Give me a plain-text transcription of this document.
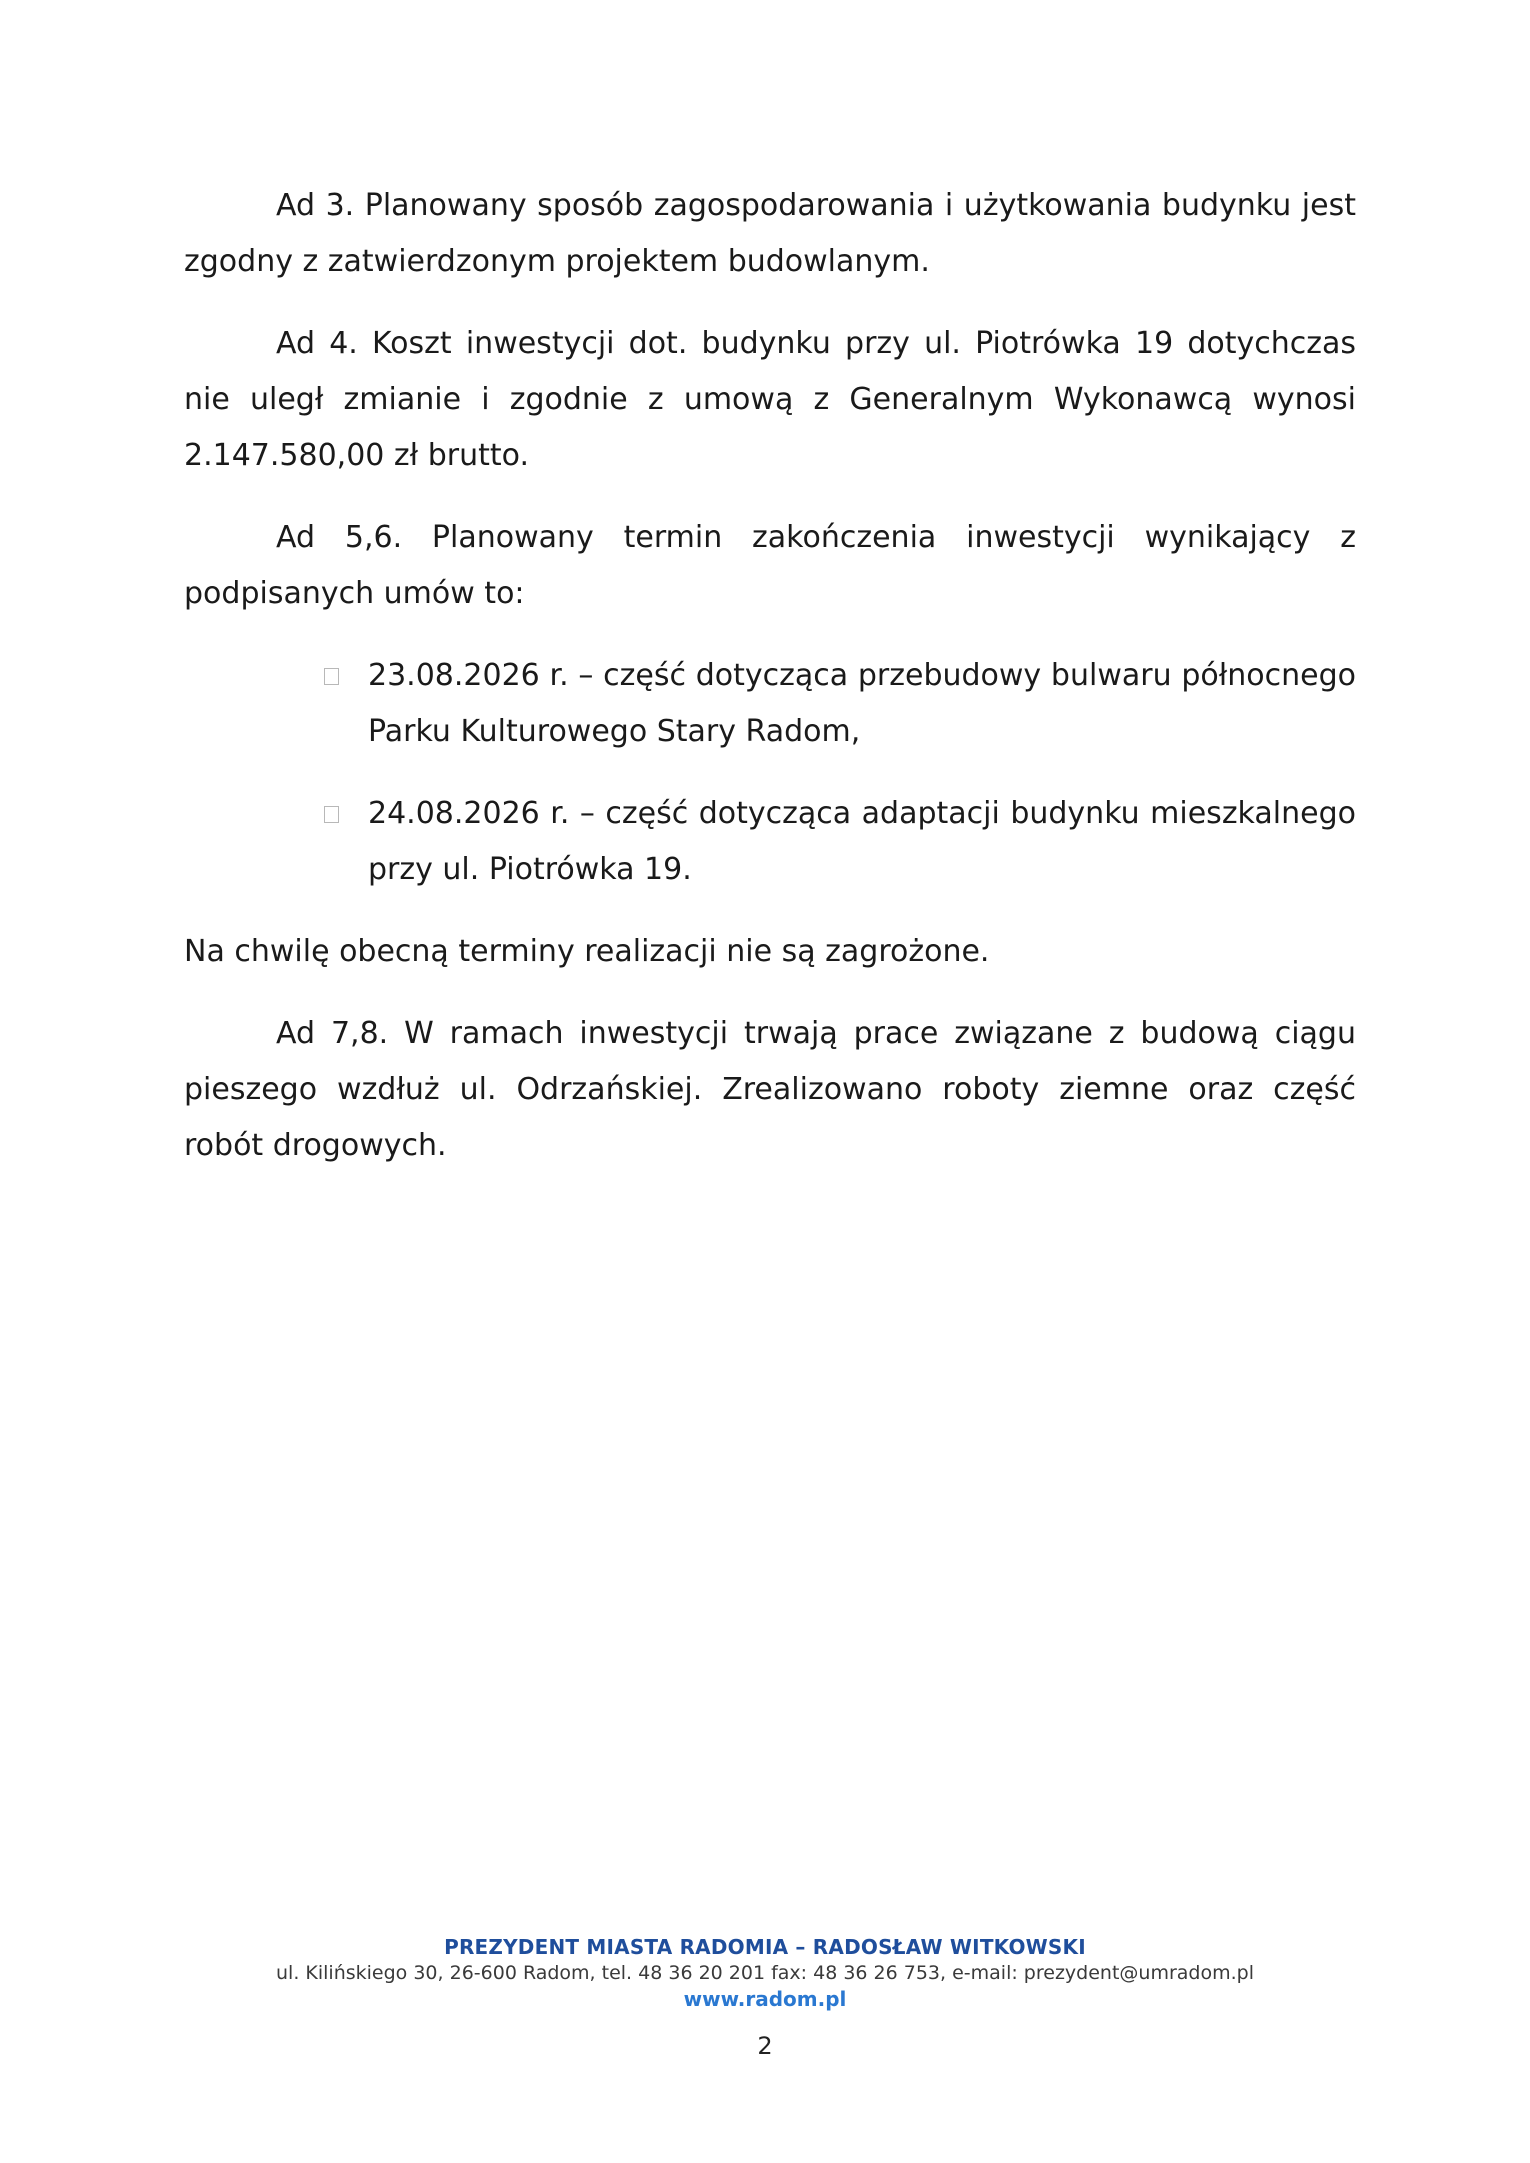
Ad 3. Planowany sposób zagospodarowania i użytkowania budynku jest zgodny z zatwierdzonym projektem budowlanym.

Ad 4. Koszt inwestycji dot. budynku przy ul. Piotrówka 19 dotychczas nie uległ zmianie i zgodnie z umową z Generalnym Wykonawcą wynosi 2.147.580,00 zł brutto.

Ad 5,6. Planowany termin zakończenia inwestycji wynikający z podpisanych umów to:

23.08.2026 r. – część dotycząca przebudowy bulwaru północnego Parku Kulturowego Stary Radom,
24.08.2026 r. – część dotycząca adaptacji budynku mieszkalnego przy ul. Piotrówka 19.

Na chwilę obecną terminy realizacji nie są zagrożone.

Ad 7,8. W ramach inwestycji trwają prace związane z budową ciągu pieszego wzdłuż ul. Odrzańskiej. Zrealizowano roboty ziemne oraz część robót drogowych.

PREZYDENT MIASTA RADOMIA – RADOSŁAW WITKOWSKI
ul. Kilińskiego 30, 26-600 Radom, tel. 48 36 20 201 fax: 48 36 26 753, e-mail: prezydent@umradom.pl
www.radom.pl
2
